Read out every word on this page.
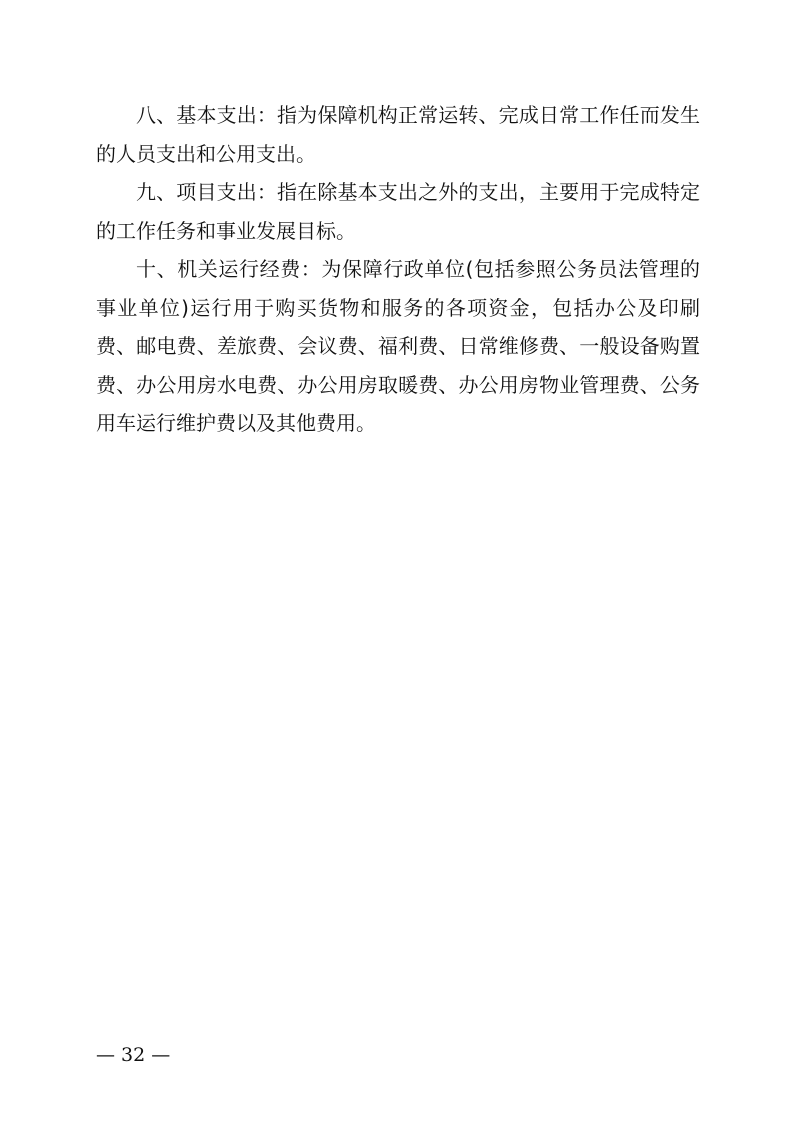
八、基本支出：指为保障机构正常运转、完成日常工作任而发生的人员支出和公用支出。

九、项目支出：指在除基本支出之外的支出，主要用于完成特定的工作任务和事业发展目标。

十、机关运行经费：为保障行政单位(包括参照公务员法管理的事业单位)运行用于购买货物和服务的各项资金，包括办公及印刷费、邮电费、差旅费、会议费、福利费、日常维修费、一般设备购置费、办公用房水电费、办公用房取暖费、办公用房物业管理费、公务用车运行维护费以及其他费用。

— 32 —
